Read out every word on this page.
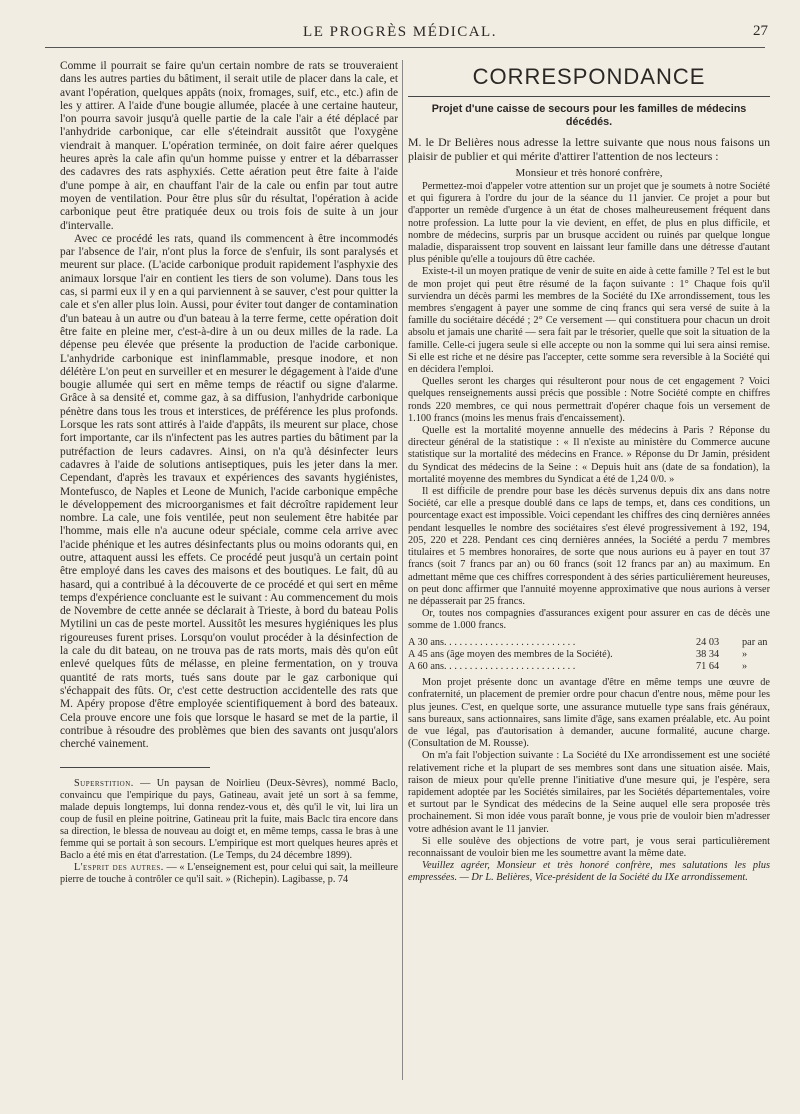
LE PROGRÈS MÉDICAL.	27

Comme il pourrait se faire qu'un certain nombre de rats se trouveraient dans les autres parties du bâtiment, il serait utile de placer dans la cale, et avant l'opération, quelques appâts (noix, fromages, suif, etc., etc.) afin de les y attirer. A l'aide d'une bougie allumée, placée à une certaine hauteur, l'on pourra savoir jusqu'à quelle partie de la cale l'air a été déplacé par l'anhydride carbonique, car elle s'éteindrait aussitôt que l'oxygène viendrait à manquer. L'opération terminée, on doit faire aérer quelques heures après la cale afin qu'un homme puisse y entrer et la débarrasser des cadavres des rats asphyxiés. Cette aération peut être faite à l'aide d'une pompe à air, en chauffant l'air de la cale ou enfin par tout autre moyen de ventilation. Pour être plus sûr du résultat, l'opération à acide carbonique peut être pratiquée deux ou trois fois de suite à un jour d'intervalle.

Avec ce procédé les rats, quand ils commencent à être incommodés par l'absence de l'air, n'ont plus la force de s'enfuir, ils sont paralysés et meurent sur place. (L'acide carbonique produit rapidement l'asphyxie des animaux lorsque l'air en contient les tiers de son volume). Dans tous les cas, si parmi eux il y en a qui parviennent à se sauver, c'est pour quitter la cale et s'en aller plus loin. Aussi, pour éviter tout danger de contamination d'un bateau à un autre ou d'un bateau à la terre ferme, cette opération doit être faite en pleine mer, c'est-à-dire à un ou deux milles de la rade. La dépense peu élevée que présente la production de l'acide carbonique. L'anhydride carbonique est ininflammable, presque inodore, et non délétère L'on peut en surveiller et en mesurer le dégagement à l'aide d'une bougie allumée qui sert en même temps de réactif ou signe d'alarme. Grâce à sa densité et, comme gaz, à sa diffusion, l'anhydride carbonique pénètre dans tous les trous et interstices, de préférence les plus profonds. Lorsque les rats sont attirés à l'aide d'appâts, ils meurent sur place, chose fort importante, car ils n'infectent pas les autres parties du bâtiment par la putréfaction de leurs cadavres. Ainsi, on n'a qu'à désinfecter leurs cadavres à l'aide de solutions antiseptiques, puis les jeter dans la mer. Cependant, d'après les travaux et expériences des savants hygiénistes, Montefusco, de Naples et Leone de Munich, l'acide carbonique empêche le développement des microorganismes et fait décroître rapidement leur nombre. La cale, une fois ventilée, peut non seulement être habitée par l'homme, mais elle n'a aucune odeur spéciale, comme cela arrive avec l'acide phénique et les autres désinfectants plus ou moins odorants qui, en outre, attaquent aussi les effets. Ce procédé peut jusqu'à un certain point être employé dans les caves des maisons et des boutiques. Le fait, dû au hasard, qui a contribué à la découverte de ce procédé et qui sert en même temps d'expérience concluante est le suivant : Au commencement du mois de Novembre de cette année se déclarait à Trieste, à bord du bateau Polis Mytilini un cas de peste mortel. Aussitôt les mesures hygiéniques les plus rigoureuses furent prises. Lorsqu'on voulut procéder à la désinfection de la cale du dit bateau, on ne trouva pas de rats morts, mais dès qu'on eût enlevé quelques fûts de mélasse, en pleine fermentation, on y trouva quantité de rats morts, tués sans doute par le gaz carbonique qui s'échappait des fûts. Or, c'est cette destruction accidentelle des rats que M. Apéry propose d'être employée scientifiquement à bord des bateaux. Cela prouve encore une fois que lorsque le hasard se met de la partie, il contribue à résoudre des problèmes que bien des savants ont jusqu'alors cherché vainement.

Superstition. — Un paysan de Noirlieu (Deux-Sèvres), nommé Baclo, convaincu que l'empirique du pays, Gatineau, avait jeté un sort à sa femme, malade depuis longtemps, lui donna rendez-vous et, dès qu'il le vit, lui lira un coup de fusil en pleine poitrine, Gatineau prit la fuite, mais Baclc tira encore dans sa direction, le blessa de nouveau au doigt et, en même temps, cassa le bras à une femme qui se portait à son secours. L'empirique est mort quelques heures après et Baclo a été mis en état d'arrestation. (Le Temps, du 24 décembre 1899).

L'esprit des autres. — « L'enseignement est, pour celui qui sait, la meilleure pierre de touche à contrôler ce qu'il sait. » (Richepin). Lagibasse, p. 74

CORRESPONDANCE
Projet d'une caisse de secours pour les familles de médecins décédés.
M. le Dr Belières nous adresse la lettre suivante que nous nous faisons un plaisir de publier et qui mérite d'attirer l'attention de nos lecteurs :
Monsieur et très honoré confrère,

Permettez-moi d'appeler votre attention sur un projet que je soumets à notre Société et qui figurera à l'ordre du jour de la séance du 11 janvier. Ce projet a pour but d'apporter un remède d'urgence à un état de choses malheureusement fréquent dans notre profession. La lutte pour la vie devient, en effet, de plus en plus difficile, et nombre de médecins, surpris par un brusque accident ou ruinés par quelque longue maladie, disparaissent trop souvent en laissant leur famille dans une détresse d'autant plus pénible qu'elle a toujours dû être cachée.

Existe-t-il un moyen pratique de venir de suite en aide à cette famille ? Tel est le but de mon projet qui peut être résumé de la façon suivante : 1° Chaque fois qu'il surviendra un décès parmi les membres de la Société du IXe arrondissement, tous les membres s'engagent à payer une somme de cinq francs qui sera versé de suite à la famille du sociétaire décédé ; 2° Ce versement — qui constituera pour chacun un droit absolu et jamais une charité — sera fait par le trésorier, quelle que soit la situation de la famille. Celle-ci jugera seule si elle accepte ou non la somme qui lui sera ainsi remise. Si elle est riche et ne désire pas l'accepter, cette somme sera reversible à la Société qui en décidera l'emploi.

Quelles seront les charges qui résulteront pour nous de cet engagement ? Voici quelques renseignements aussi précis que possible : Notre Société compte en chiffres ronds 220 membres, ce qui nous permettrait d'opérer chaque fois un versement de 1.100 francs (moins les menus frais d'encaissement).

Quelle est la mortalité moyenne annuelle des médecins à Paris ? Réponse du directeur général de la statistique : « Il n'existe au ministère du Commerce aucune statistique sur la mortalité des médecins en France. » Réponse du Dr Jamin, président du Syndicat des médecins de la Seine : « Depuis huit ans (date de sa fondation), la mortalité moyenne des membres du Syndicat a été de 1,24 0/0. »

Il est difficile de prendre pour base les décès survenus depuis dix ans dans notre Société, car elle a presque doublé dans ce laps de temps, et, dans ces conditions, un pourcentage exact est impossible. Voici cependant les chiffres des cinq dernières années pendant lesquelles le nombre des sociétaires s'est élevé progressivement à 192, 194, 205, 220 et 228. Pendant ces cinq dernières années, la Société a perdu 7 membres titulaires et 5 membres honoraires, de sorte que nous aurions eu à payer en tout 37 francs (soit 7 francs par an) ou 60 francs (soit 12 francs par an) au maximum. En admettant même que ces chiffres correspondent à des séries particulièrement heureuses, on peut donc affirmer que l'annuité moyenne approximative que nous aurions à verser ne dépasserait par 25 francs.

Or, toutes nos compagnies d'assurances exigent pour assurer en cas de décès une somme de 1.000 francs.

A 30 ans. . . . . . . . . . . . . . . . . . . . . . . . . .	24 03	par an
A 45 ans (âge moyen des membres de la Société).	38 34	»
A 60 ans. . . . . . . . . . . . . . . . . . . . . . . . . .	71 64	»

Mon projet présente donc un avantage d'être en même temps une œuvre de confraternité, un placement de premier ordre pour chacun d'entre nous, même pour les plus jeunes. C'est, en quelque sorte, une assurance mutuelle type sans frais généraux, sans bureaux, sans actionnaires, sans limite d'âge, sans examen préalable, etc. Au point de vue légal, pas d'autorisation à demander, aucune formalité, aucune charge. (Consultation de M. Rousse).

On m'a fait l'objection suivante : La Société du IXe arrondissement est une société relativement riche et la plupart de ses membres sont dans une situation aisée. Mais, raison de mieux pour qu'elle prenne l'initiative d'une mesure qui, je l'espère, sera rapidement adoptée par les Sociétés similaires, par les Sociétés départementales, voire et surtout par le Syndicat des médecins de la Seine auquel elle sera proposée très prochainement. Si mon idée vous paraît bonne, je vous prie de vouloir bien m'adresser votre adhésion avant le 11 janvier.

Si elle soulève des objections de votre part, je vous serai particulièrement reconnaissant de vouloir bien me les soumettre avant la même date.

Veuillez agréer, Monsieur et très honoré confrère, mes salutations les plus empressées. — Dr L. Belières, Vice-président de la Société du IXe arrondissement.
